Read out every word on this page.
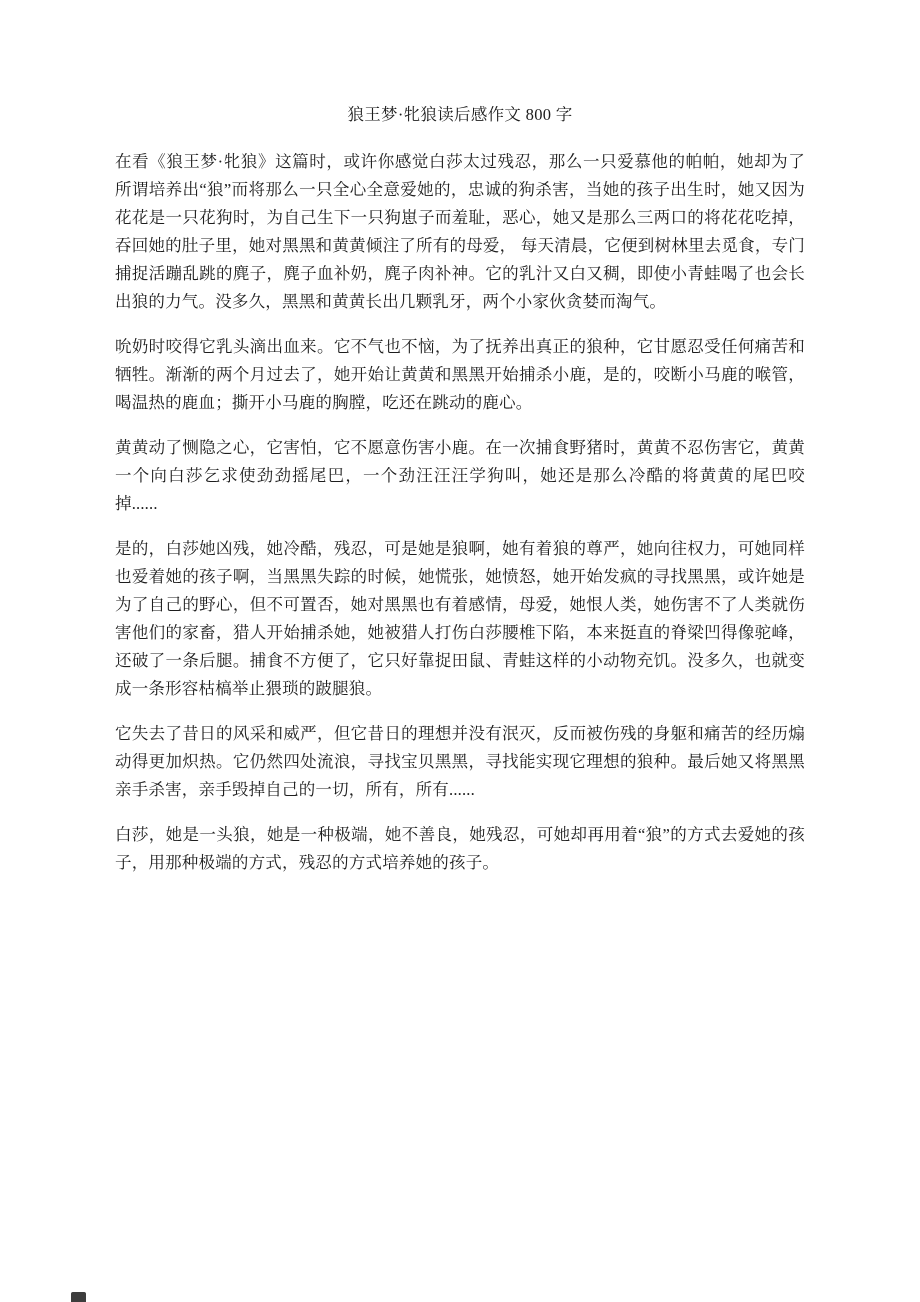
狼王梦·牝狼读后感作文 800 字

在看《狼王梦·牝狼》这篇时，或许你感觉白莎太过残忍，那么一只爱慕他的帕帕，她却为了所谓培养出“狼”而将那么一只全心全意爱她的，忠诚的狗杀害，当她的孩子出生时，她又因为花花是一只花狗时，为自己生下一只狗崽子而羞耻，恶心，她又是那么三两口的将花花吃掉，吞回她的肚子里，她对黑黑和黄黄倾注了所有的母爱， 每天清晨，它便到树林里去觅食，专门捕捉活蹦乱跳的麂子，麂子血补奶，麂子肉补神。它的乳汁又白又稠，即使小青蛙喝了也会长出狼的力气。没多久，黑黑和黄黄长出几颗乳牙，两个小家伙贪婪而淘气。

吮奶时咬得它乳头滴出血来。它不气也不恼，为了抚养出真正的狼种，它甘愿忍受任何痛苦和牺牲。渐渐的两个月过去了，她开始让黄黄和黑黑开始捕杀小鹿，是的，咬断小马鹿的喉管，喝温热的鹿血；撕开小马鹿的胸膛，吃还在跳动的鹿心。

黄黄动了恻隐之心，它害怕，它不愿意伤害小鹿。在一次捕食野猪时，黄黄不忍伤害它，黄黄一个向白莎乞求使劲劲摇尾巴，一个劲汪汪汪学狗叫，她还是那么冷酷的将黄黄的尾巴咬掉......

是的，白莎她凶残，她冷酷，残忍，可是她是狼啊，她有着狼的尊严，她向往权力，可她同样也爱着她的孩子啊，当黑黑失踪的时候，她慌张，她愤怒，她开始发疯的寻找黑黑，或许她是为了自己的野心，但不可置否，她对黑黑也有着感情，母爱，她恨人类，她伤害不了人类就伤害他们的家畜，猎人开始捕杀她，她被猎人打伤白莎腰椎下陷，本来挺直的脊梁凹得像驼峰，还破了一条后腿。捕食不方便了，它只好靠捉田鼠、青蛙这样的小动物充饥。没多久，也就变成一条形容枯槁举止猥琐的跛腿狼。

它失去了昔日的风采和威严，但它昔日的理想并没有泯灭，反而被伤残的身躯和痛苦的经历煽动得更加炽热。它仍然四处流浪，寻找宝贝黑黑，寻找能实现它理想的狼种。最后她又将黑黑亲手杀害，亲手毁掉自己的一切，所有，所有......

白莎，她是一头狼，她是一种极端，她不善良，她残忍，可她却再用着“狼”的方式去爱她的孩子，用那种极端的方式，残忍的方式培养她的孩子。
